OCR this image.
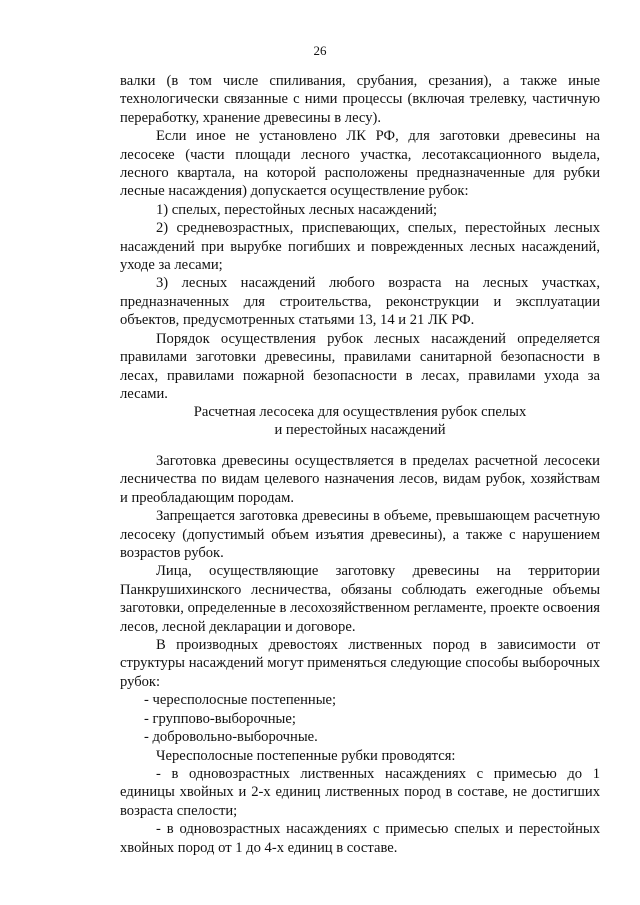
26

валки (в том числе спиливания, срубания, срезания), а также иные технологически связанные с ними процессы (включая трелевку, частичную переработку, хранение древесины в лесу).

Если иное не установлено ЛК РФ, для заготовки древесины на лесосеке (части площади лесного участка, лесотаксационного выдела, лесного квартала, на которой расположены предназначенные для рубки лесные насаждения) допускается осуществление рубок:

1) спелых, перестойных лесных насаждений;

2) средневозрастных, приспевающих, спелых, перестойных лесных насаждений при вырубке погибших и поврежденных лесных насаждений, уходе за лесами;

3) лесных насаждений любого возраста на лесных участках, предназначенных для строительства, реконструкции и эксплуатации объектов, предусмотренных статьями 13, 14 и 21 ЛК РФ.

Порядок осуществления рубок лесных насаждений определяется правилами заготовки древесины, правилами санитарной безопасности в лесах, правилами пожарной безопасности в лесах, правилами ухода за лесами.

Расчетная лесосека для осуществления рубок спелых

и перестойных насаждений

Заготовка древесины осуществляется в пределах расчетной лесосеки лесничества по видам целевого назначения лесов, видам рубок, хозяйствам и преобладающим породам.

Запрещается заготовка древесины в объеме, превышающем расчетную лесосеку (допустимый объем изъятия древесины), а также с нарушением возрастов рубок.

Лица, осуществляющие заготовку древесины на территории Панкрушихинского лесничества, обязаны соблюдать ежегодные объемы заготовки, определенные в лесохозяйственном регламенте, проекте освоения лесов, лесной декларации и договоре.

В производных древостоях лиственных пород в зависимости от структуры насаждений могут применяться следующие способы выборочных рубок:

- чересполосные постепенные;

- группово-выборочные;

- добровольно-выборочные.

Чересполосные постепенные рубки проводятся:

- в одновозрастных лиственных насаждениях с примесью до 1 единицы хвойных и 2-х единиц лиственных пород в составе, не достигших возраста спелости;

- в одновозрастных насаждениях с примесью спелых и перестойных хвойных пород от 1 до 4-х единиц в составе.
